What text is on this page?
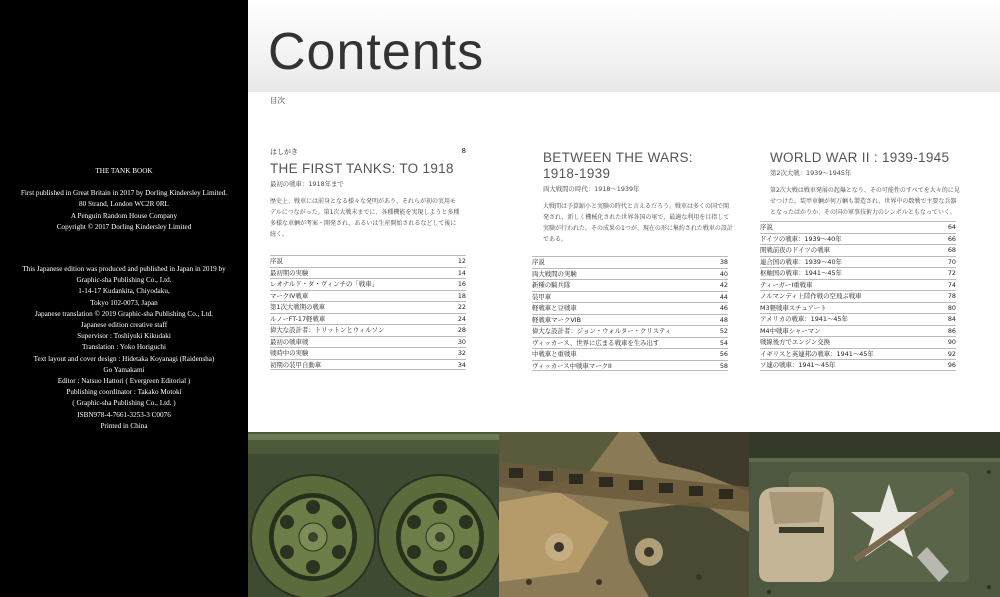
THE TANK BOOK

First published in Great Britain in 2017 by Dorling Kindersley Limited.

80 Strand, London WC2R 0RL

A Penguin Random House Company

Copyright © 2017 Dorling Kindersley Limited

This Japanese edition was produced and published in Japan in 2019 by

Graphic-sha Publishing Co., Ltd.

1-14-17 Kudankita, Chiyodaku,

Tokyo 102-0073, Japan

Japanese translation © 2019 Graphic-sha Publishing Co., Ltd.

Japanese edition creative staff

Supervisor : Toshiyuki Kikudaki

Translation : Yoko Horiguchi

Text layout and cover design : Hidetaka Koyanagi (Raidensha)

Go Yamakami

Editor : Natsuo Hattori ( Evergreen Editorial )

Publishing coordinator : Takako Motoki

( Graphic-sha Publishing Co., Ltd. )

ISBN978-4-7661-3253-3 C0076

Printed in China

Contents
目次
はしがき	8
THE FIRST TANKS: TO 1918
最初の戦車：1918年まで
歴史上、戦車には前身となる様々な発明があり、それらが初の実用モデルにつながった。第1次大戦末までに、各種機能を実現しようと多種多様な車輌が考案・開発され、あるいは生産開始されるなどして後に続く。
序説	12
最初期の実験	14
レオナルド・ダ・ヴィンチの「戦車」	16
マークIV戦車	18
第1次大戦期の戦車	22
ルノーFT-17軽戦車	24
偉大な設計者：トリットンとウィルソン	28
最初の戦車戦	30
戦時中の実験	32
初期の装甲自動車	34
BETWEEN THE WARS: 1918-1939
両大戦間の時代：1918〜1939年
大戦間は予算縮小と実験の時代と言えるだろう。戦車は多くの国で開発され、新しく機械化された世界各国の軍で、最適な利用を目指して実験が行われた。その成果の1つが、現在の形に集約された戦車の設計である。
序説	38
両大戦間の実験	40
新種の騎兵隊	42
装甲車	44
軽戦車と豆戦車	46
軽戦車マークVIB	48
偉大な設計者：ジョン・ウォルター・クリスティ	52
ヴィッカース、世界に広まる戦車を生み出す	54
中戦車と重戦車	56
ヴィッカース中戦車マークII	58
WORLD WAR II : 1939-1945
第2次大戦：1939〜1945年
第2次大戦は戦車発展の起爆となり、その可能性のすべてを大々的に見せつけた。装甲車輌が何万輌も製造され、世界中の数戦で主要な兵器となったばかりか、その国の軍事技術力のシンボルともなっていく。
序説	64
ドイツの戦車：1939〜40年	66
開戦前夜のドイツの戦車	68
連合国の戦車：1939〜40年	70
枢軸国の戦車：1941〜45年	72
ティーガーI重戦車	74
ノルマンディ上陸作戦の空飛ぶ戦車	78
M3軽戦車スチュアート	80
アメリカの戦車：1941〜45年	84
M4中戦車シャーマン	86
戦線後方でエンジン交換	90
イギリスと英連邦の戦車：1941〜45年	92
ソ連の戦車：1941〜45年	96
